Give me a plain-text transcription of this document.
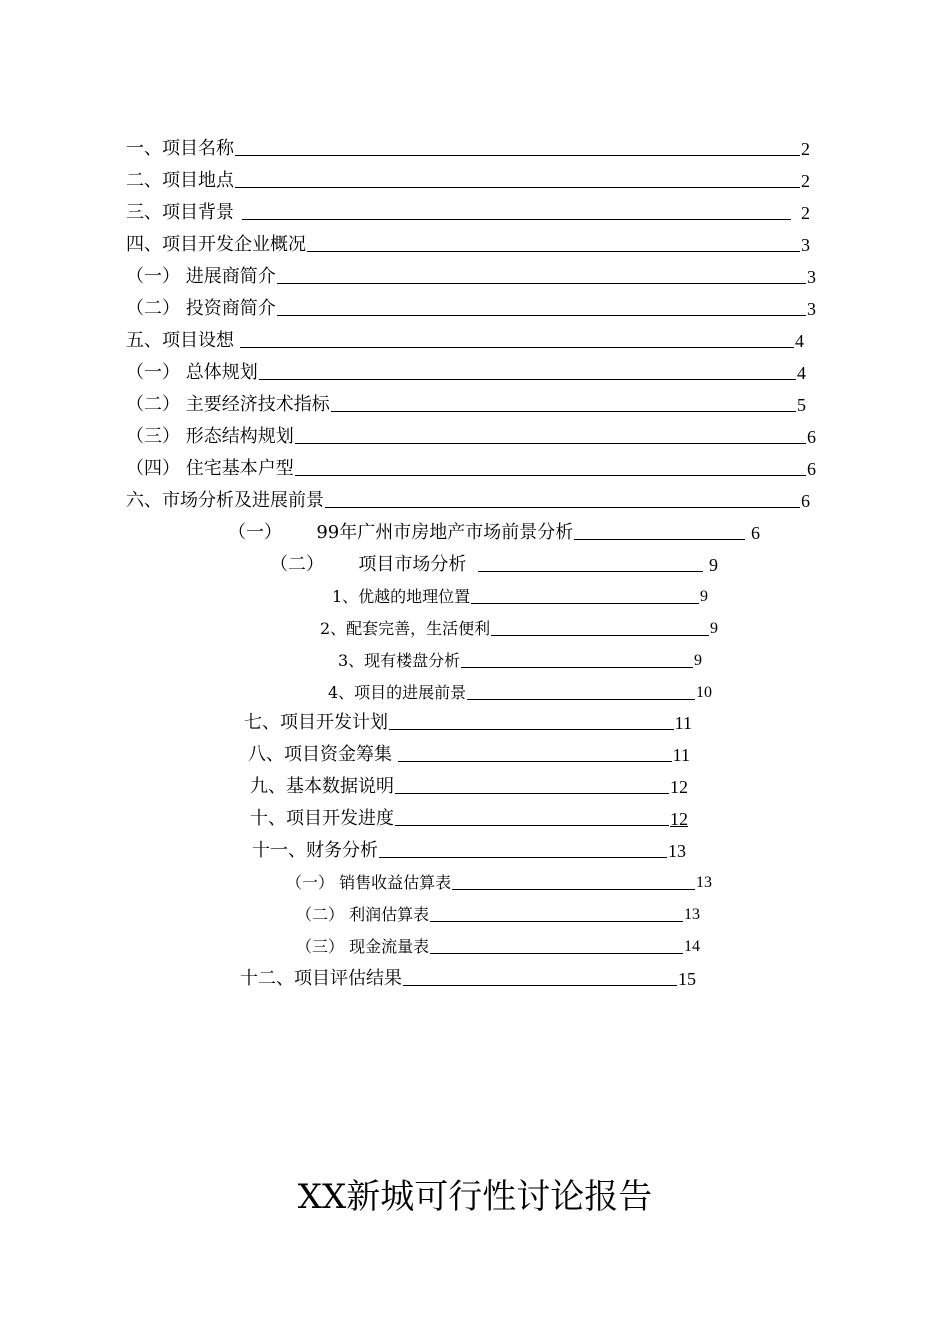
一、项目名称	2
二、项目地点	2
三、项目背景	2
四、项目开发企业概况	3
（一） 进展商简介	3
（二） 投资商简介	3
五、项目设想	4
（一） 总体规划	4
（二） 主要经济技术指标	5
（三） 形态结构规划	6
（四） 住宅基本户型	6
六、市场分析及进展前景	6
（一）      99年广州市房地产市场前景分析	6
（二）      项目市场分析	9
1、优越的地理位置	9
2、配套完善，生活便利	9
3、现有楼盘分析	9
4、项目的进展前景	10
七、项目开发计划	11
八、项目资金筹集	11
九、基本数据说明	12
十、项目开发进度	12
十一、财务分析	13
（一） 销售收益估算表	13
（二） 利润估算表	13
（三） 现金流量表	14
十二、项目评估结果	15
XX新城可行性讨论报告
